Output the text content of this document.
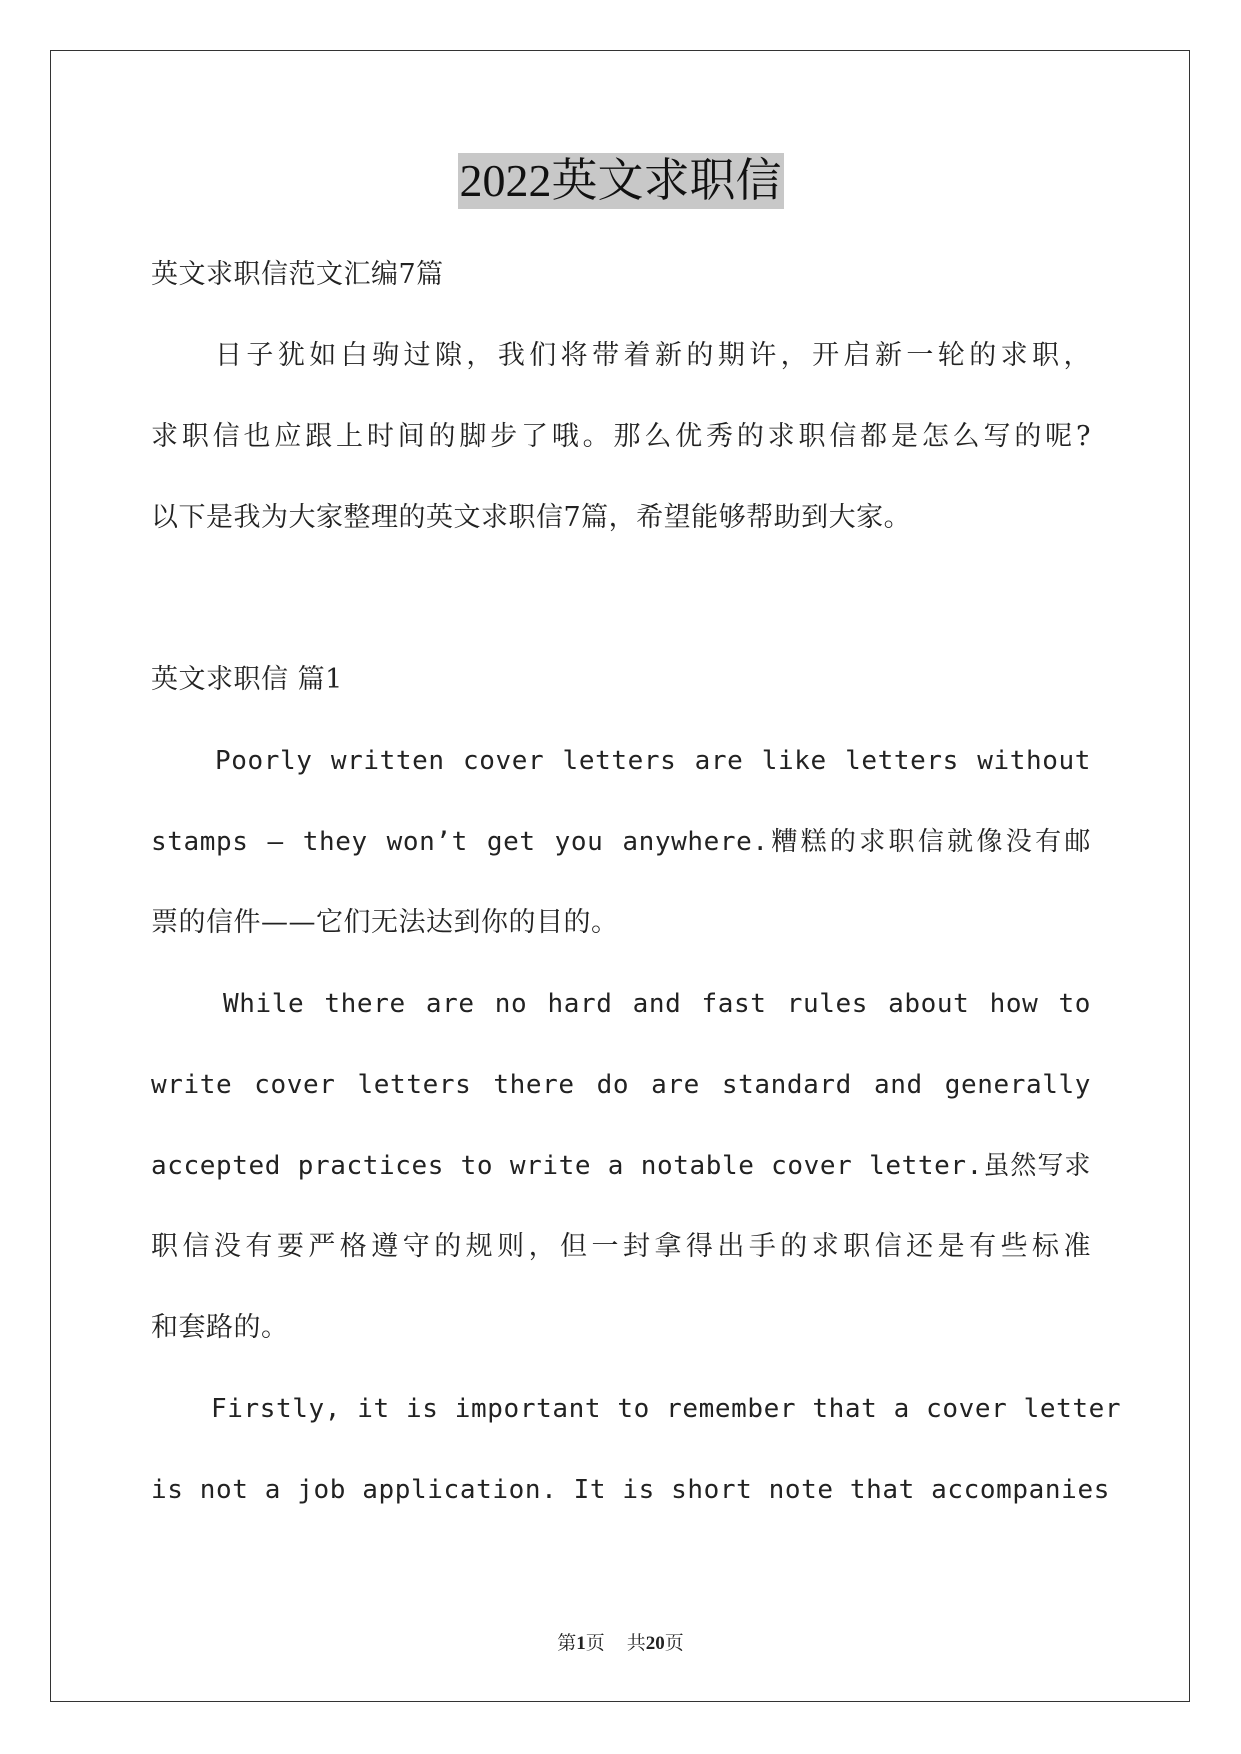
2022英文求职信
英文求职信范文汇编7篇
日子犹如白驹过隙，我们将带着新的期许，开启新一轮的求职，
求职信也应跟上时间的脚步了哦。那么优秀的求职信都是怎么写的呢?
以下是我为大家整理的英文求职信7篇，希望能够帮助到大家。
英文求职信 篇1
Poorly written cover letters are like letters without
stamps – they won’t get you anywhere.糟糕的求职信就像没有邮
票的信件——它们无法达到你的目的。
While there are no hard and fast rules about how to
write cover letters there do are standard and generally
accepted practices to write a notable cover letter.虽然写求
职信没有要严格遵守的规则，但一封拿得出手的求职信还是有些标准
和套路的。
Firstly, it is important to remember that a cover letter
is not a job application. It is short note that accompanies
第1页 共20页
